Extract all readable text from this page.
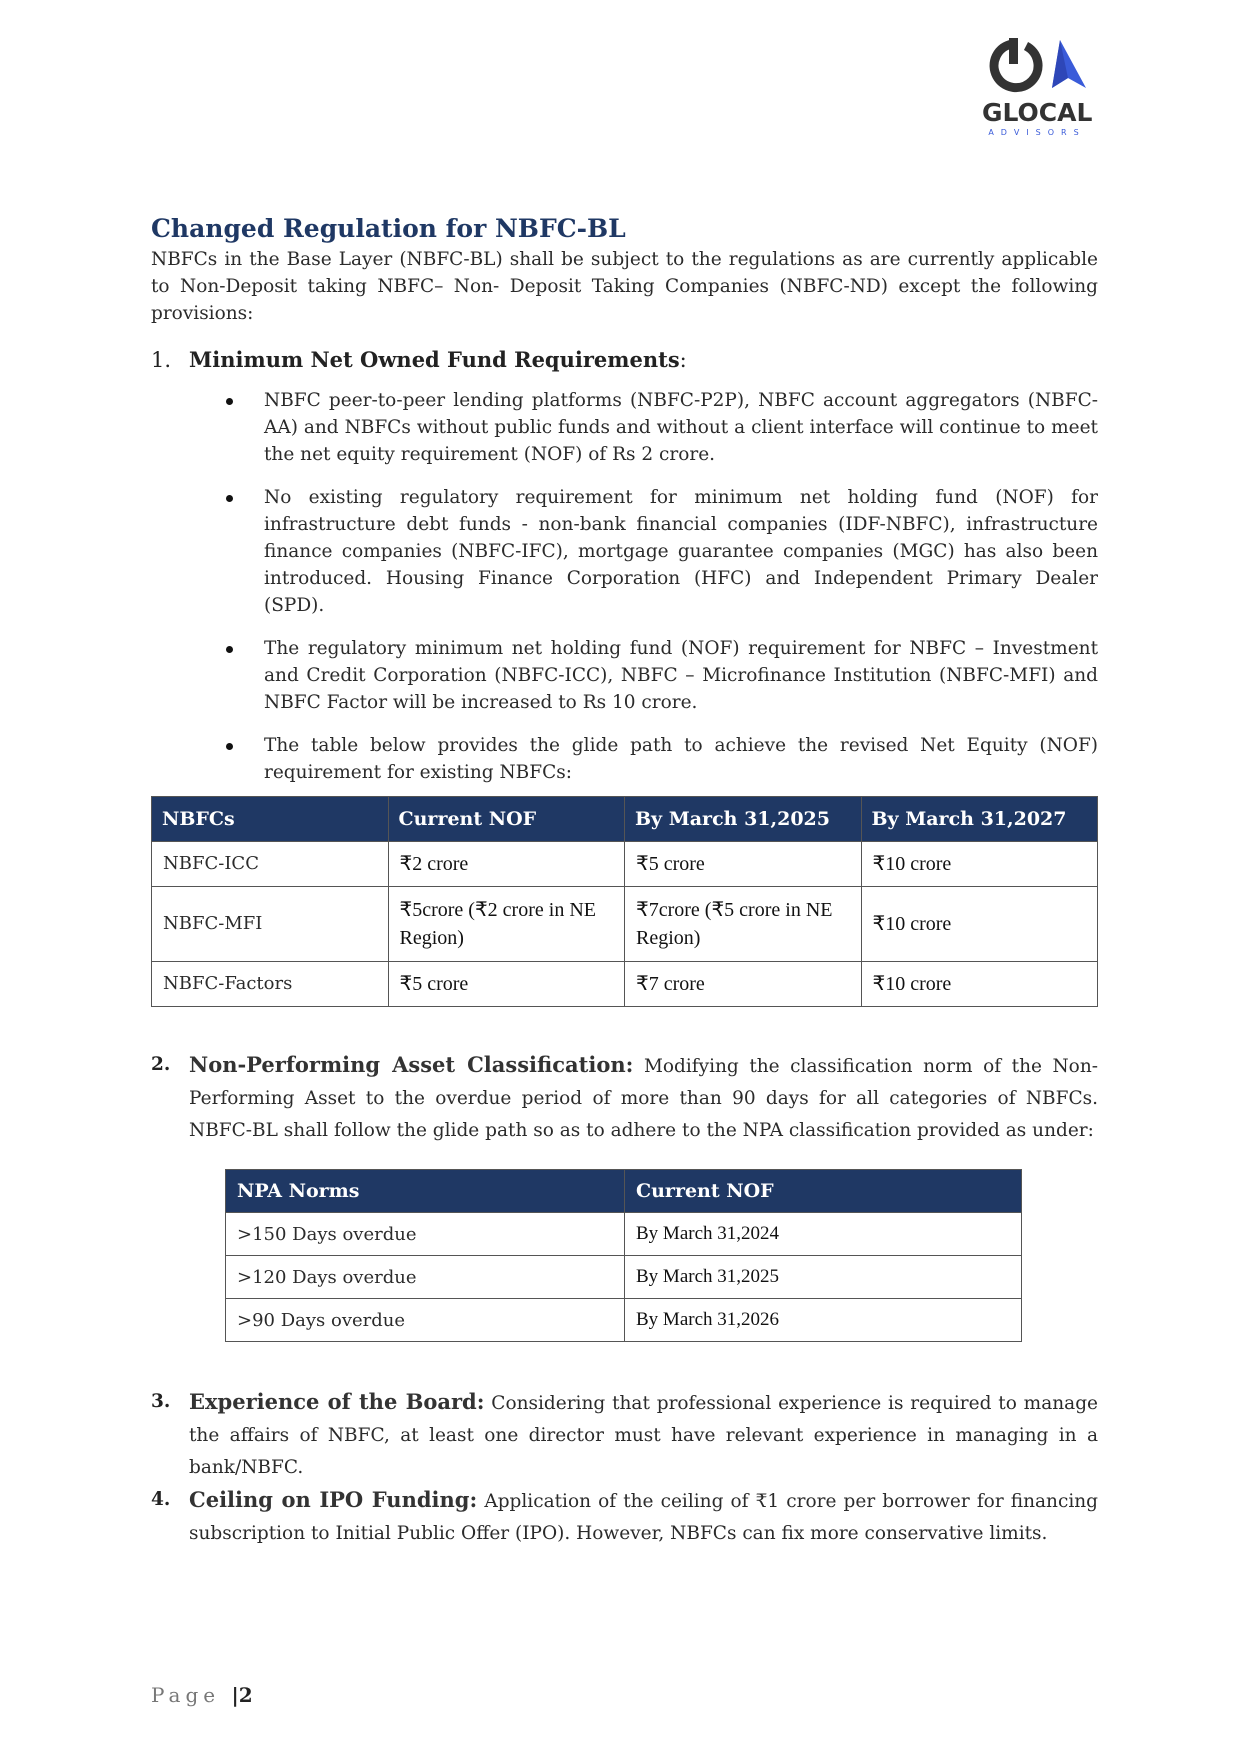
GLOCAL
ADVISORS
Changed Regulation for NBFC-BL

NBFCs in the Base Layer (NBFC-BL) shall be subject to the regulations as are currently applicable to Non-Deposit taking NBFC– Non- Deposit Taking Companies (NBFC-ND) except the following provisions:

1. Minimum Net Owned Fund Requirements:
NBFC peer-to-peer lending platforms (NBFC-P2P), NBFC account aggregators (NBFC-AA) and NBFCs without public funds and without a client interface will continue to meet the net equity requirement (NOF) of Rs 2 crore.
No existing regulatory requirement for minimum net holding fund (NOF) for infrastructure debt funds - non-bank financial companies (IDF-NBFC), infrastructure finance companies (NBFC-IFC), mortgage guarantee companies (MGC) has also been introduced. Housing Finance Corporation (HFC) and Independent Primary Dealer (SPD).
The regulatory minimum net holding fund (NOF) requirement for NBFC – Investment and Credit Corporation (NBFC-ICC), NBFC – Microfinance Institution (NBFC-MFI) and NBFC Factor will be increased to Rs 10 crore.
The table below provides the glide path to achieve the revised Net Equity (NOF) requirement for existing NBFCs:
NBFCs	Current NOF	By March 31,2025	By March 31,2027
NBFC-ICC	₹2 crore	₹5 crore	₹10 crore
NBFC-MFI	₹5crore (₹2 crore in NE Region)	₹7crore (₹5 crore in NE Region)	₹10 crore
NBFC-Factors	₹5 crore	₹7 crore	₹10 crore
2. Non-Performing Asset Classification: Modifying the classification norm of the Non-Performing Asset to the overdue period of more than 90 days for all categories of NBFCs. NBFC-BL shall follow the glide path so as to adhere to the NPA classification provided as under:
NPA Norms	Current NOF
>150 Days overdue	By March 31,2024
>120 Days overdue	By March 31,2025
>90 Days overdue	By March 31,2026
3. Experience of the Board: Considering that professional experience is required to manage the affairs of NBFC, at least one director must have relevant experience in managing in a bank/NBFC.
4. Ceiling on IPO Funding: Application of the ceiling of ₹1 crore per borrower for financing subscription to Initial Public Offer (IPO). However, NBFCs can fix more conservative limits.
Page |2
